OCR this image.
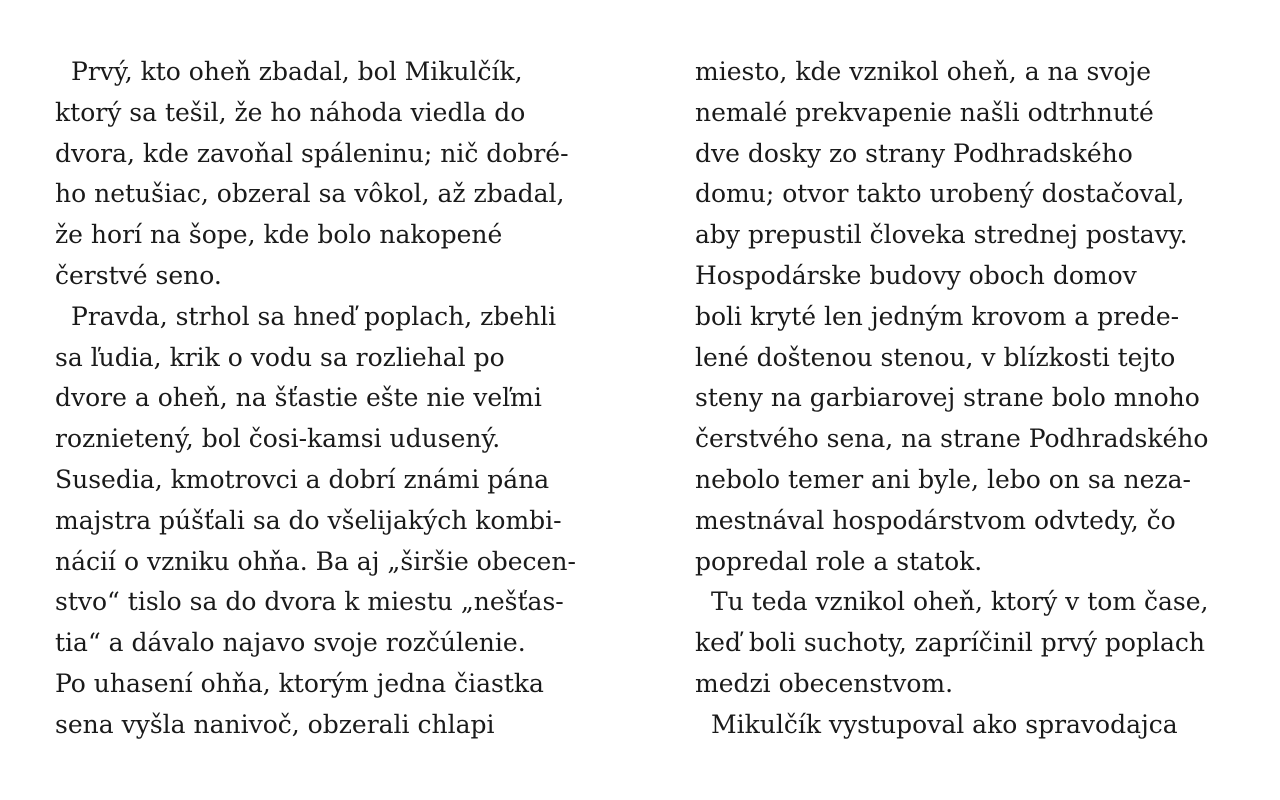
Prvý, kto oheň zbadal, bol Mikulčík,
ktorý sa tešil, že ho náhoda viedla do
dvora, kde zavoňal spáleninu; nič dobré-
ho netušiac, obzeral sa vôkol, až zbadal,
že horí na šope, kde bolo nakopené
čerstvé seno.
Pravda, strhol sa hneď poplach, zbehli
sa ľudia, krik o vodu sa rozliehal po
dvore a oheň, na šťastie ešte nie veľmi
roznietený, bol čosi-kamsi udusený.
Susedia, kmotrovci a dobrí známi pána
majstra púšťali sa do všelijakých kombi-
nácií o vzniku ohňa. Ba aj „širšie obecen-
stvo“ tislo sa do dvora k miestu „nešťas-
tia“ a dávalo najavo svoje rozčúlenie.
Po uhasení ohňa, ktorým jedna čiastka
sena vyšla nanivoč, obzerali chlapi
miesto, kde vznikol oheň, a na svoje
nemalé prekvapenie našli odtrhnuté
dve dosky zo strany Podhradského
domu; otvor takto urobený dostačoval,
aby prepustil človeka strednej postavy.
Hospodárske budovy oboch domov
boli kryté len jedným krovom a prede-
lené doštenou stenou, v blízkosti tejto
steny na garbiarovej strane bolo mnoho
čerstvého sena, na strane Podhradského
nebolo temer ani byle, lebo on sa neza-
mestnával hospodárstvom odvtedy, čo
popredal role a statok.
Tu teda vznikol oheň, ktorý v tom čase,
keď boli suchoty, zapríčinil prvý poplach
medzi obecenstvom.
Mikulčík vystupoval ako spravodajca
